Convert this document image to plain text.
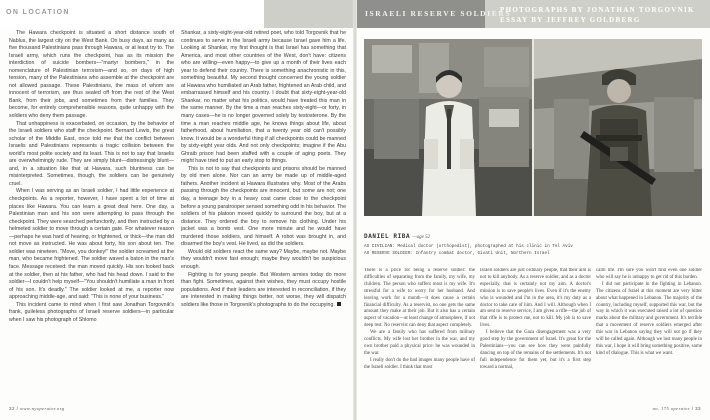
ON LOCATION	ISRAELI RESERVE SOLDIERS
PHOTOGRAPHS BY JONATHAN TORGOVNIK
ESSAY BY JEFFREY GOLDBERG

The Hawara checkpoint is situated a short distance south of Nablus, the largest city on the West Bank. On busy days, as many as five thousand Palestinians pass through Hawara, or at least try to. The Israeli army, which runs the checkpoint, has as its mission the interdiction of suicide bombers—"martyr bombers," in the nomenclature of Palestinian terrorism—and so, on days of high tension, many of the Palestinians who assemble at the checkpoint are not allowed passage. These Palestinians, the mass of whom are innocent of terrorism, are thus sealed off from the rest of the West Bank, from their jobs, and sometimes from their families. They become, for entirely comprehensible reasons, quite unhappy with the soldiers who deny them passage.

That unhappiness is exacerbated, on occasion, by the behavior of the Israeli soldiers who staff the checkpoint. Bernard Lewis, the great scholar of the Middle East, once told me that the conflict between Israelis and Palestinians represents a tragic collision between the world's most polite society and its least. This is not to say that Israelis are overwhelmingly rude. They are simply blunt—distressingly blunt—and, in a situation like that at Hawara, such bluntness can be misinterpreted. Sometimes, though, the soldiers can be genuinely cruel.

When I was serving as an Israeli soldier, I had little experience at checkpoints. As a reporter, however, I have spent a lot of time at places like Hawara. You can learn a great deal here. One day, a Palestinian man and his son were attempting to pass through the checkpoint. They were searched perfunctorily, and then instructed by a helmeted soldier to move through a certain gate. For whatever reason—perhaps he was hard of hearing, or frightened, or thick—the man did not move as instructed. He was about forty, his son about ten. The soldier was nineteen. "Move, you donkey!" the soldier screamed at the man, who became frightened. The soldier waved a baton in the man's face. Message received: the man moved quickly. His son looked back at the soldier, then at his father, who had his head down. I said to the soldier—I couldn't help myself—"You shouldn't humiliate a man in front of his son. It's deadly." The soldier looked at me, a reporter now approaching middle-age, and said: "This is none of your business."

This incident came to mind when I first saw Jonathan Torgovnik's frank, guileless photographs of Israeli reserve soldiers—in particular when I saw his photograph of Shlomo

Shankar, a sixty-eight-year-old retired poet, who told Torgovnik that he continues to serve in the Israeli army because Israel gave him a life. Looking at Shankar, my first thought is that Israel has something that America, and most other countries of the West, don't have: citizens who are willing—even happy—to give up a month of their lives each year to defend their country. There is something anachronistic in this, something beautiful. My second thought concerned the young soldier at Hawara who humiliated an Arab father, frightened an Arab child, and embarrassed himself and his country. I doubt that sixty-eight-year-old Shankar, no matter what his politics, would have treated this man in the same manner. By the time a man reaches sixty-eight—or forty, in many cases—he is no longer governed solely by testosterone. By the time a man reaches middle age, he knows things about life, about fatherhood, about humiliation, that a twenty year old can't possibly know. It would be a wonderful thing if all checkpoints could be manned by sixty-eight year olds. And not only checkpoints; imagine if the Abu Ghraib prison had been staffed with a couple of aging poets. They might have tried to put an early stop to things.

This is not to say that checkpoints and prisons should be manned by old men alone. Nor can an army be made up of middle-aged fathers. Another incident at Hawara illustrates why. Most of the Arabs passing through the checkpoints are innocent, but some are not; one day, a teenage boy in a heavy coat came close to the checkpoint before a young paratrooper sensed something odd in his behavior. The soldiers of his platoon moved quickly to surround the boy, but at a distance. They ordered the boy to remove his clothing. Under his jacket was a bomb vest. One more minute and he would have murdered those soldiers, and himself. A robot was brought in, and disarmed the boy's vest. He lived, as did the soldiers.

Would old soldiers react the same way? Maybe, maybe not. Maybe they wouldn't move fast enough; maybe they wouldn't be suspicious enough.

Fighting is for young people. But Western armies today do more than fight. Sometimes, against their wishes, they must occupy hostile populations. And if their leaders are interested in reconciliation, if they are interested in making things better, not worse, they will dispatch soldiers like those in Torgovnik's photographs to do the occupying.

DANIEL RIBA —age 52
AS CIVILIAN: Medical doctor (orthopedist), photographed at his clinic in Tel Aviv
AS RESERVE SOLDIER: Infantry combat doctor, Givati Unit, Northern Israel

There is a price for being a reserve soldier: the difficulties of separating from the family, my wife, my children. The person who suffers most is my wife. It's stressful for a wife to worry for her husband. And leaving work for a month—it does cause a certain financial difficulty. As a reservist, no one gets the same amount they make at their job. But it also has a certain aspect of vacation—at least change of atmosphere, if not deep rest. No reservist can deny that aspect completely.

We are a family who has suffered from military conflicts. My wife lost her brother in the war, and my own brother paid a physical price: he was wounded in the war.

I really don't do the bad images many people have of the Israeli soldier. I think that most

Israeli soldiers are just ordinary people, that their aim is not to kill anybody. As a reserve soldier, and as a doctor especially, that is certainly not my aim. A doctor's mission is to save people's lives. Even if it's the enemy who is wounded and I'm in the area, it's my duty as a doctor to take care of him. And I will. Although when I am sent to reserve service, I am given a rifle—the job of that rifle is to protect me, not to kill. My job is to save lives.

I believe that the Gaza disengagement was a very good step by the government of Israel. It's great for the Palestinians—you can see how they were painfully dancing on top of the remains of the settlements. It's not full independence for them yet, but it's a first step toward a normal,

calm life. I'm sure you won't find even one soldier who will say he is unhappy to get rid of this burden.

I did not participate in the fighting in Lebanon. The citizens of Israel at this moment are very bitter about what happened in Lebanon. The majority of the country, including myself, supported this war, but the way in which it was executed raised a lot of question marks about the military and government. It's terrible that a movement of reserve soldiers emerged after this war in Lebanon saying they will not go if they will be called again. Although we lost many people in this war, I hope it will bring something positive, some kind of dialogue. This is what we want.

32 / www.nyoperator.org	no. 175 operator / 33
